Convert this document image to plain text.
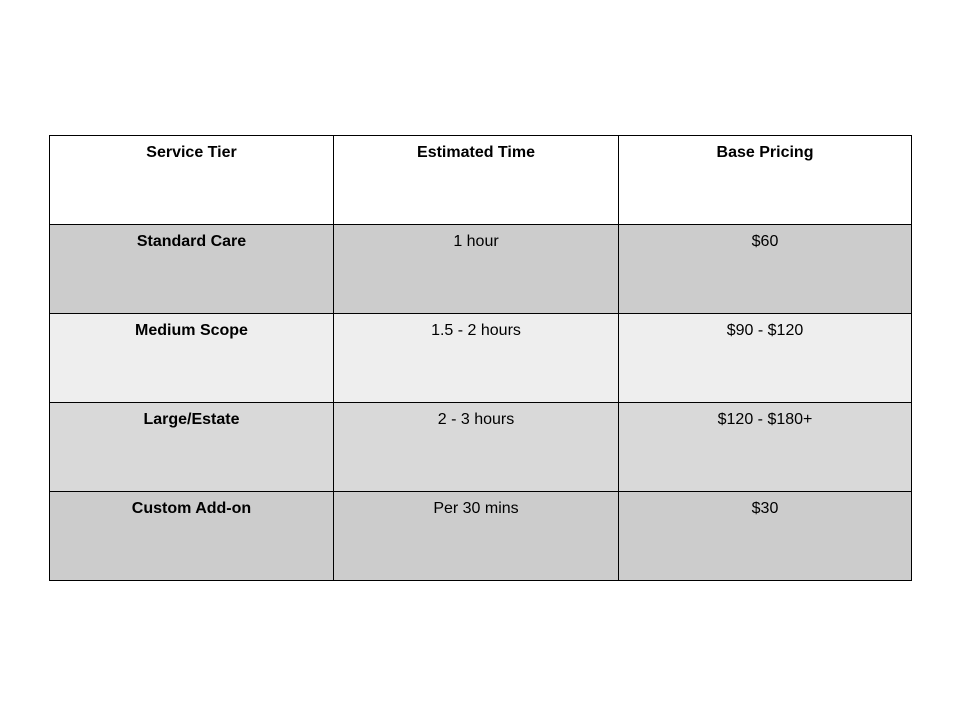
Service Tier	Estimated Time	Base Pricing
Standard Care	1 hour	$60
Medium Scope	1.5 - 2 hours	$90 - $120
Large/Estate	2 - 3 hours	$120 - $180+
Custom Add-on	Per 30 mins	$30
